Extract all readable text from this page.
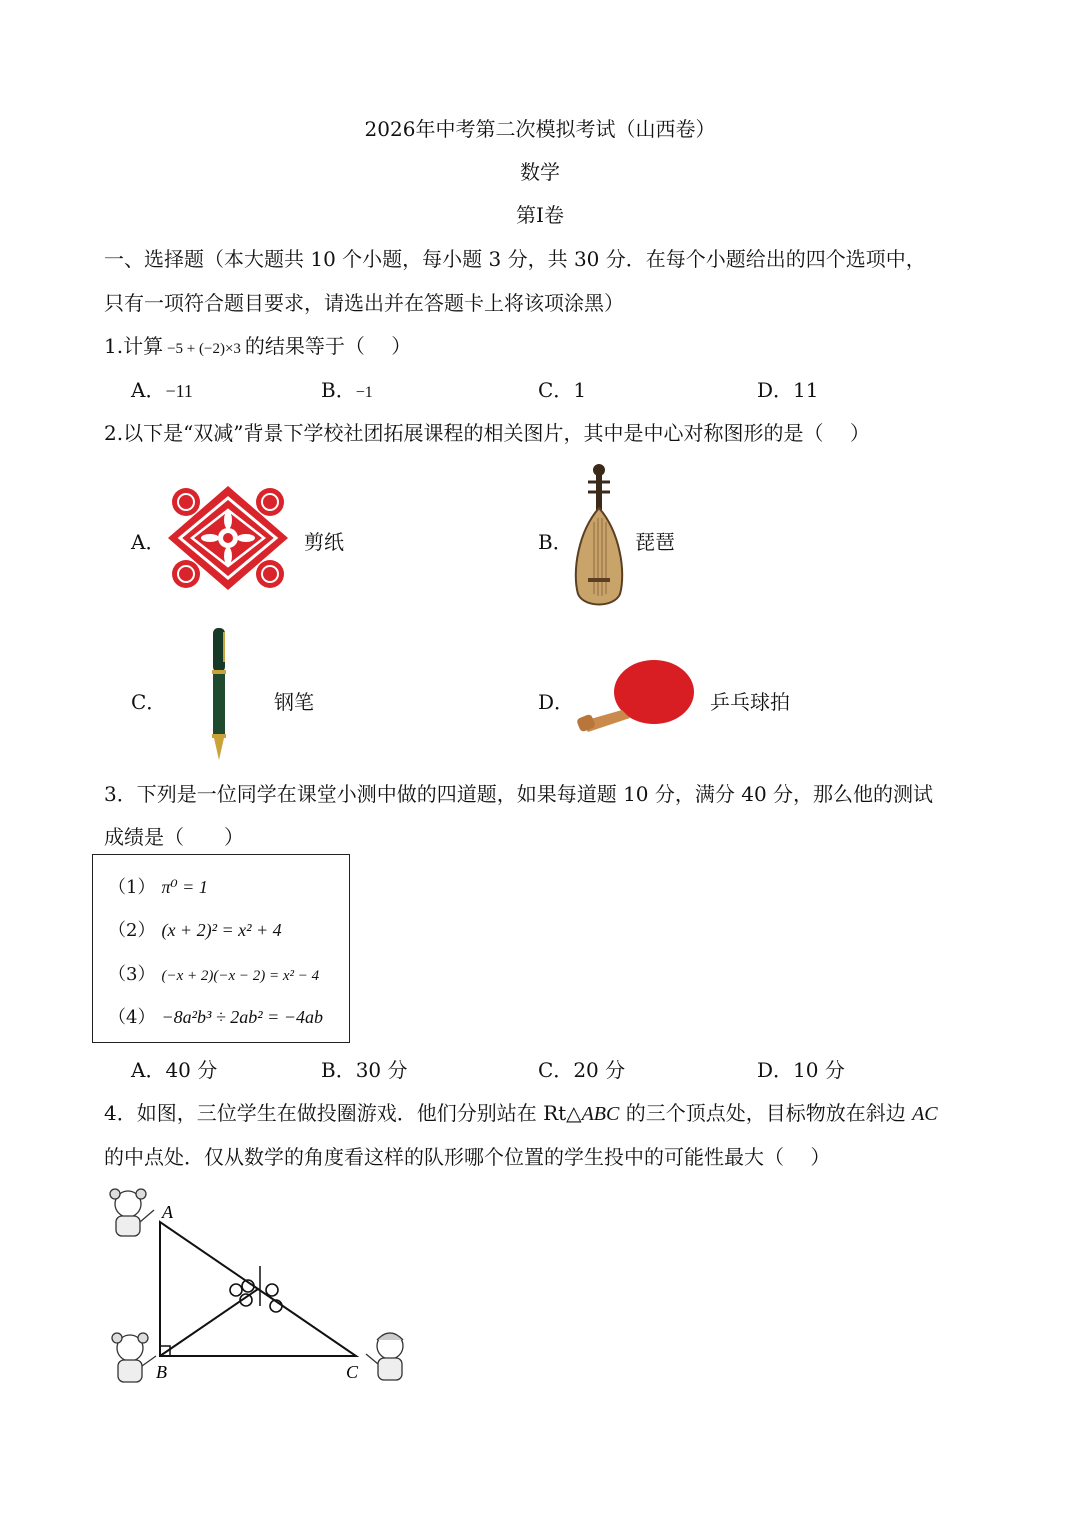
2026年中考第二次模拟考试（山西卷）
数学
第Ⅰ卷
一、选择题（本大题共 10 个小题，每小题 3 分，共 30 分．在每个小题给出的四个选项中，
只有一项符合题目要求，请选出并在答题卡上将该项涂黑）
1.计算 −5 + (−2)×3 的结果等于（　 ）
A．−11	B．−1	C．1	D．11
2.以下是“双减”背景下学校社团拓展课程的相关图片，其中是中心对称图形的是（　 ）
A．	剪纸	B．	琵琶
C．	钢笔	D．	乒乓球拍
3．下列是一位同学在课堂小测中做的四道题，如果每道题 10 分，满分 40 分，那么他的测试
成绩是（　　）
（1） π⁰ = 1
（2） (x + 2)² = x² + 4
（3） (−x + 2)(−x − 2) = x² − 4
（4） −8a²b³ ÷ 2ab² = −4ab
A．40 分	B．30 分	C．20 分	D．10 分
4．如图，三位学生在做投圈游戏．他们分别站在 Rt△ABC 的三个顶点处，目标物放在斜边 AC
的中点处．仅从数学的角度看这样的队形哪个位置的学生投中的可能性最大（　 ）
A
B	C
